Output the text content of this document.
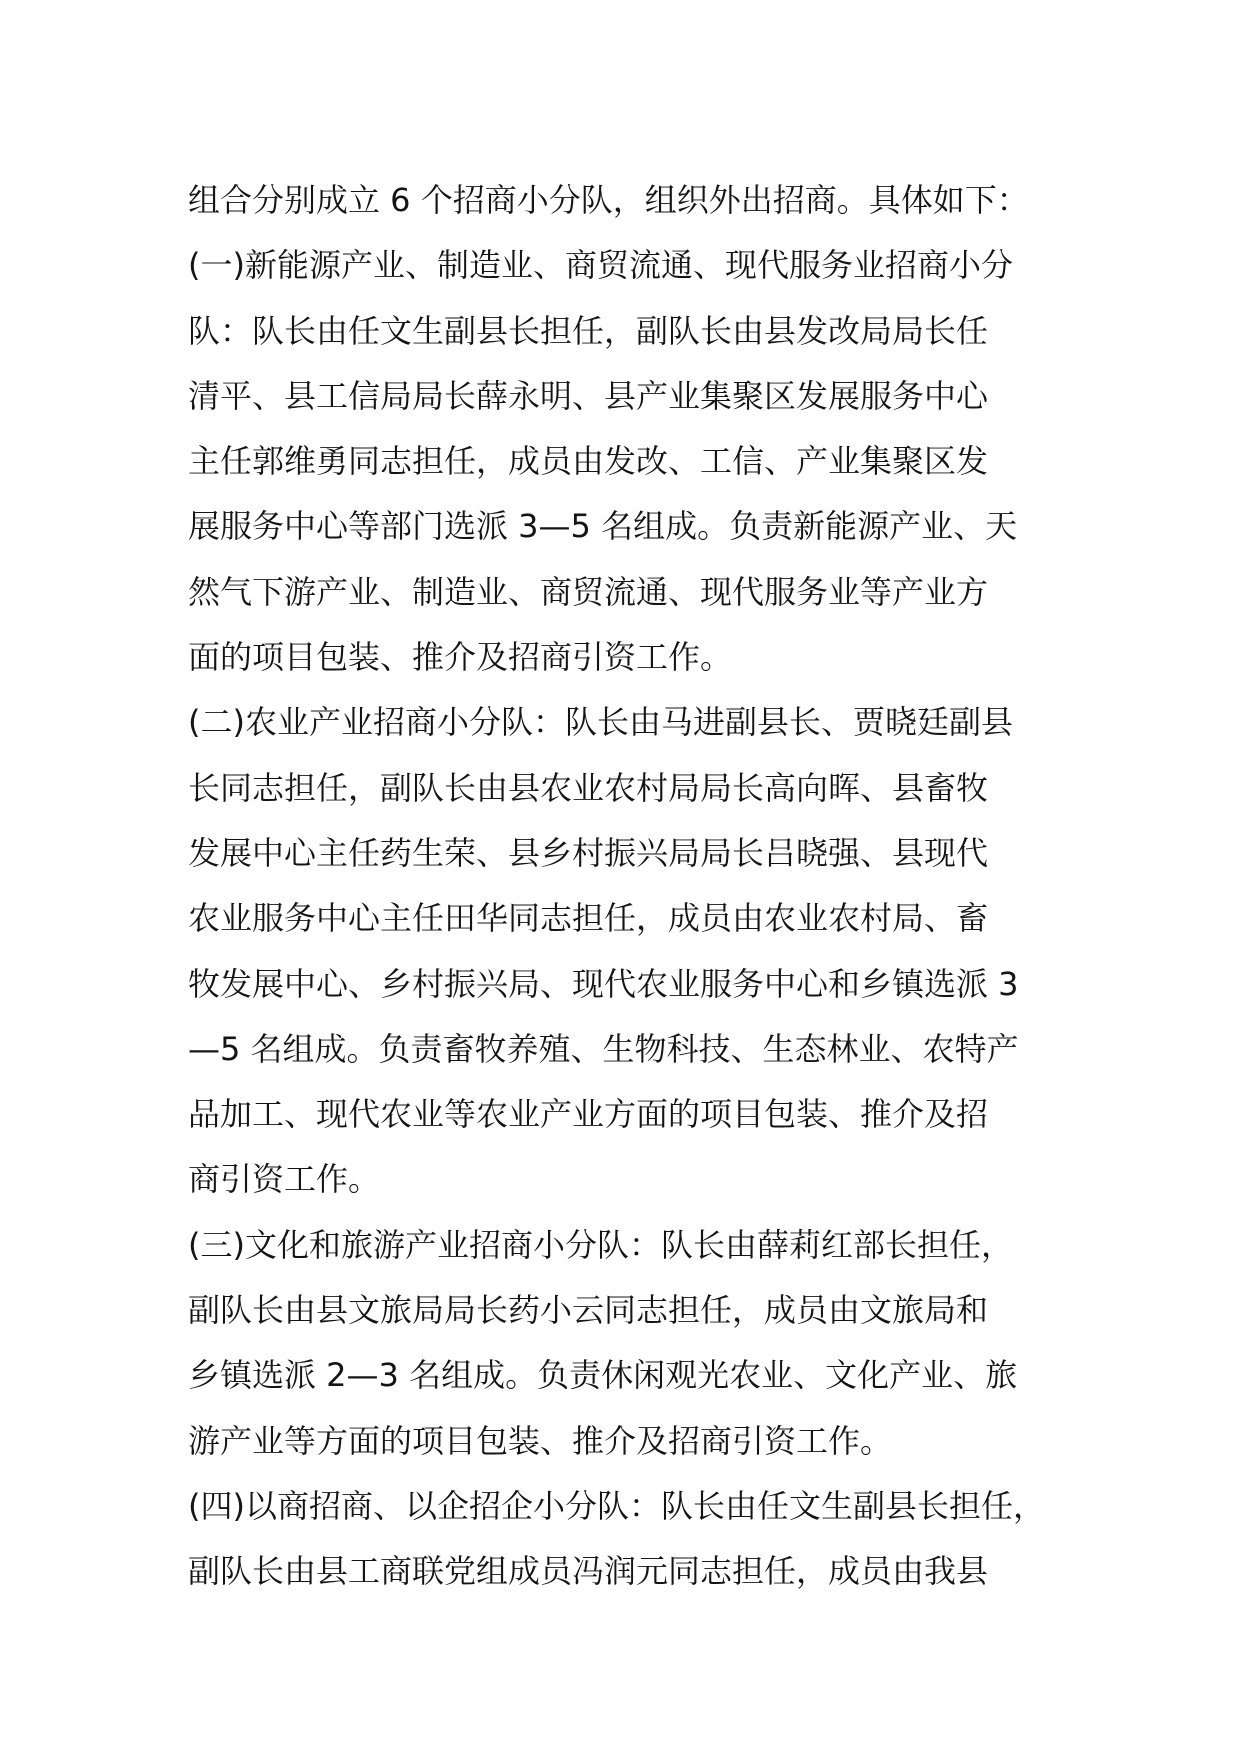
组合分别成立 6 个招商小分队，组织外出招商。具体如下：
(一)新能源产业、制造业、商贸流通、现代服务业招商小分
队：队长由任文生副县长担任，副队长由县发改局局长任
清平、县工信局局长薛永明、县产业集聚区发展服务中心
主任郭维勇同志担任，成员由发改、工信、产业集聚区发
展服务中心等部门选派 3—5 名组成。负责新能源产业、天
然气下游产业、制造业、商贸流通、现代服务业等产业方
面的项目包装、推介及招商引资工作。
(二)农业产业招商小分队：队长由马进副县长、贾晓廷副县
长同志担任，副队长由县农业农村局局长高向晖、县畜牧
发展中心主任药生荣、县乡村振兴局局长吕晓强、县现代
农业服务中心主任田华同志担任，成员由农业农村局、畜
牧发展中心、乡村振兴局、现代农业服务中心和乡镇选派 3
—5 名组成。负责畜牧养殖、生物科技、生态林业、农特产
品加工、现代农业等农业产业方面的项目包装、推介及招
商引资工作。
(三)文化和旅游产业招商小分队：队长由薛莉红部长担任，
副队长由县文旅局局长药小云同志担任，成员由文旅局和
乡镇选派 2—3 名组成。负责休闲观光农业、文化产业、旅
游产业等方面的项目包装、推介及招商引资工作。
(四)以商招商、以企招企小分队：队长由任文生副县长担任，
副队长由县工商联党组成员冯润元同志担任，成员由我县
